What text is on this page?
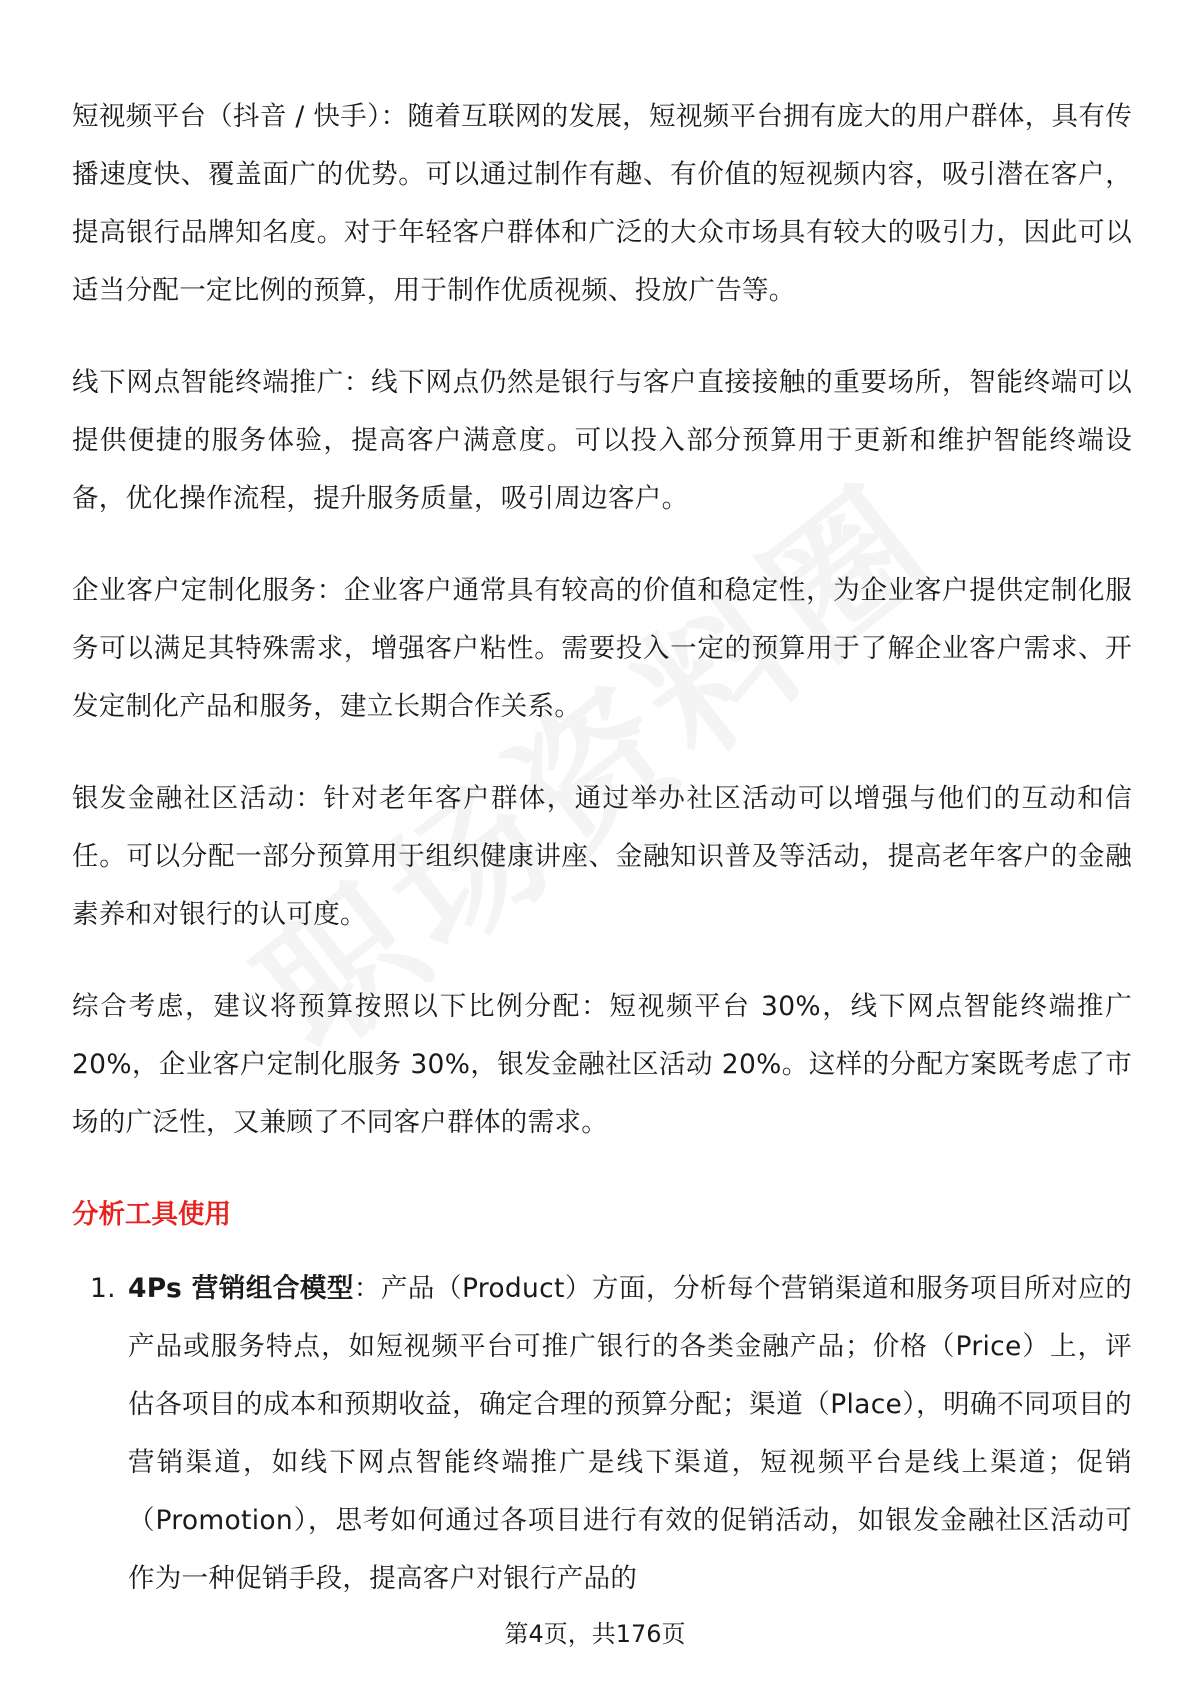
短视频平台（抖音 / 快手）：随着互联网的发展，短视频平台拥有庞大的用户群体，具有传播速度快、覆盖面广的优势。可以通过制作有趣、有价值的短视频内容，吸引潜在客户，提高银行品牌知名度。对于年轻客户群体和广泛的大众市场具有较大的吸引力，因此可以适当分配一定比例的预算，用于制作优质视频、投放广告等。

线下网点智能终端推广：线下网点仍然是银行与客户直接接触的重要场所，智能终端可以提供便捷的服务体验，提高客户满意度。可以投入部分预算用于更新和维护智能终端设备，优化操作流程，提升服务质量，吸引周边客户。

企业客户定制化服务：企业客户通常具有较高的价值和稳定性，为企业客户提供定制化服务可以满足其特殊需求，增强客户粘性。需要投入一定的预算用于了解企业客户需求、开发定制化产品和服务，建立长期合作关系。

银发金融社区活动：针对老年客户群体，通过举办社区活动可以增强与他们的互动和信任。可以分配一部分预算用于组织健康讲座、金融知识普及等活动，提高老年客户的金融素养和对银行的认可度。

综合考虑，建议将预算按照以下比例分配：短视频平台 30%，线下网点智能终端推广 20%，企业客户定制化服务 30%，银发金融社区活动 20%。这样的分配方案既考虑了市场的广泛性，又兼顾了不同客户群体的需求。

分析工具使用
1. 4Ps 营销组合模型：产品（Product）方面，分析每个营销渠道和服务项目所对应的产品或服务特点，如短视频平台可推广银行的各类金融产品；价格（Price）上，评估各项目的成本和预期收益，确定合理的预算分配；渠道（Place），明确不同项目的营销渠道，如线下网点智能终端推广是线下渠道，短视频平台是线上渠道；促销（Promotion），思考如何通过各项目进行有效的促销活动，如银发金融社区活动可作为一种促销手段，提高客户对银行产品的
第4页，共176页
